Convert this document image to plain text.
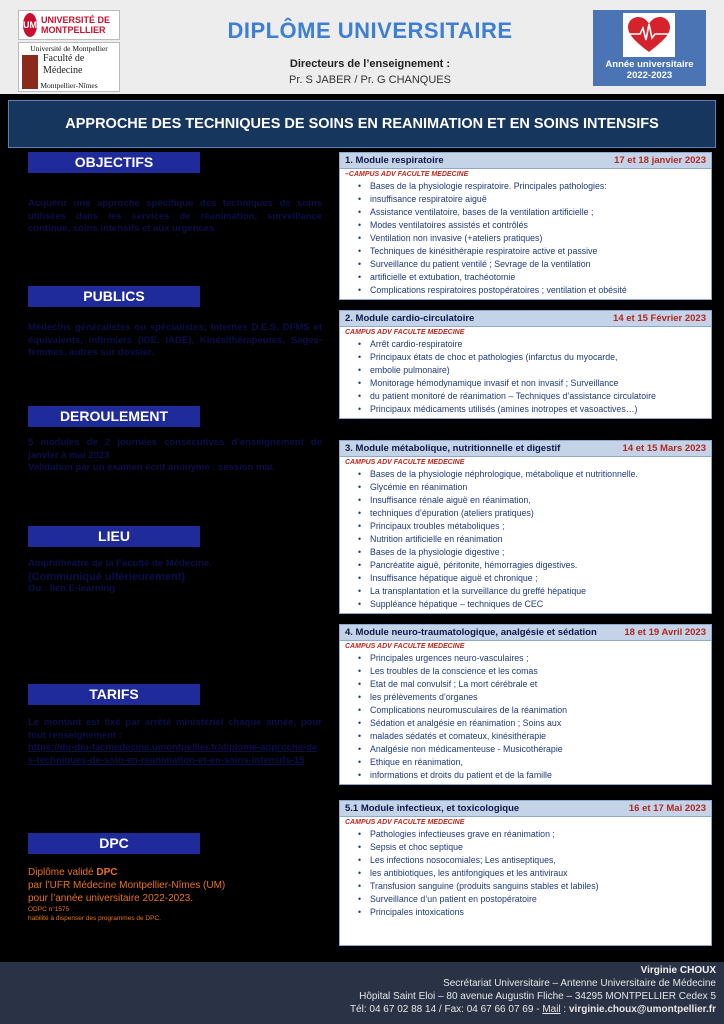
UM UNIVERSITÉ DE MONTPELLIER
Université de Montpellier
Faculté de Médecine
Montpellier-Nîmes
DIPLÔME UNIVERSITAIRE
Directeurs de l’enseignement :
Pr. S JABER / Pr. G CHANQUES
Année universitaire
2022-2023
APPROCHE DES TECHNIQUES DE SOINS EN REANIMATION ET EN SOINS INTENSIFS
OBJECTIFS
Acquérir une approche spécifique des techniques de soins utilisées dans les services de réanimation, surveillance continue, soins intensifs et aux urgences
PUBLICS
Médecins généralistes ou spécialistes; Internes D.E.S, DFMS et équivalents, infirmiers (IDE, IADE), Kinésithérapeutes, Sages-femmes, autres sur dossier.
DEROULEMENT
5 modules de 2 journées consécutives d’enseignement de janvier à mai 2023
Validation par un examen écrit anonyme : session mai.
LIEU
Amphithéâtre de la Faculté de Médecine.
(Communiqué ultérieurement)
Ou : lien E-learning
TARIFS
Le montant est fixé par arrêté ministériel chaque année, pour tout renseignement :
https://du-diu-facmedecine.umontpellier.fr/diplome-approche-des-techniques-de-soin-en-reanimation-et-en-soins-intensifs-15
DPC
Diplôme validé DPC
par l’UFR Médecine Montpellier-Nîmes (UM)
pour l’année universitaire 2022-2023.
ODPC n°1575
habilité à dispenser des programmes de DPC.
1. Module respiratoire	17 et 18 janvier 2023
–CAMPUS ADV FACULTE MEDECINE
• Bases de la physiologie respiratoire. Principales pathologies:
• insuffisance respiratoire aiguë
• Assistance ventilatoire, bases de la ventilation artificielle ;
• Modes ventilatoires assistés et contrôlés
• Ventilation non invasive (+ateliers pratiques)
• Techniques de kinésithérapie respiratoire active et passive
• Surveillance du patient ventilé ; Sevrage de la ventilation
• artificielle et extubation, trachéotomie
• Complications respiratoires postopératoires ; ventilation et obésité
2. Module cardio-circulatoire	14 et 15 Février 2023
CAMPUS ADV FACULTE MEDECINE
• Arrêt cardio-respiratoire
• Principaux états de choc et pathologies (infarctus du myocarde,
• embolie pulmonaire)
• Monitorage hémodynamique invasif et non invasif ; Surveillance
• du patient monitoré de réanimation – Techniques d’assistance circulatoire
• Principaux médicaments utilisés (amines inotropes et vasoactives…)
3. Module métabolique, nutritionnelle et digestif	14 et 15 Mars 2023
CAMPUS ADV FACULTE MEDECINE
• Bases de la physiologie néphrologique, métabolique et nutritionnelle.
• Glycémie en réanimation
• Insuffisance rénale aiguë en réanimation,
• techniques d’épuration (ateliers pratiques)
• Principaux troubles métaboliques ;
• Nutrition artificielle en réanimation
• Bases de la physiologie digestive ;
• Pancréatite aiguë, péritonite, hémorragies digestives.
• Insuffisance hépatique aiguë et chronique ;
• La transplantation et la surveillance du greffé hépatique
• Suppléance hépatique – techniques de CEC
4. Module neuro-traumatologique, analgésie et sédation	18 et 19 Avril 2023
CAMPUS ADV FACULTE MEDECINE
• Principales urgences neuro-vasculaires ;
• Les troubles de la conscience et les comas
• Etat de mal convulsif ; La mort cérébrale et
• les prélèvements d’organes
• Complications neuromusculaires de la réanimation
• Sédation et analgésie en réanimation ; Soins aux
• malades sédatés et comateux, kinésithérapie
• Analgésie non médicamenteuse - Musicothérapie
• Ethique en réanimation,
• informations et droits du patient et de la famille
5.1 Module infectieux, et toxicologique	16 et 17 Mai 2023
CAMPUS ADV FACULTE MEDECINE
• Pathologies infectieuses grave en réanimation ;
• Sepsis et choc septique
• Les infections nosocomiales; Les antiseptiques,
• les antibiotiques, les antifongiques et les antiviraux
• Transfusion sanguine (produits sanguins stables et labiles)
• Surveillance d’un patient en postopératoire
• Principales intoxications
Virginie CHOUX
Secrétariat Universitaire – Antenne Universitaire de Médecine
Hôpital Saint Eloi – 80 avenue Augustin Fliche – 34295 MONTPELLIER Cedex 5
Tél: 04 67 02 88 14 / Fax: 04 67 66 07 69 - Mail : virginie.choux@umontpellier.fr
